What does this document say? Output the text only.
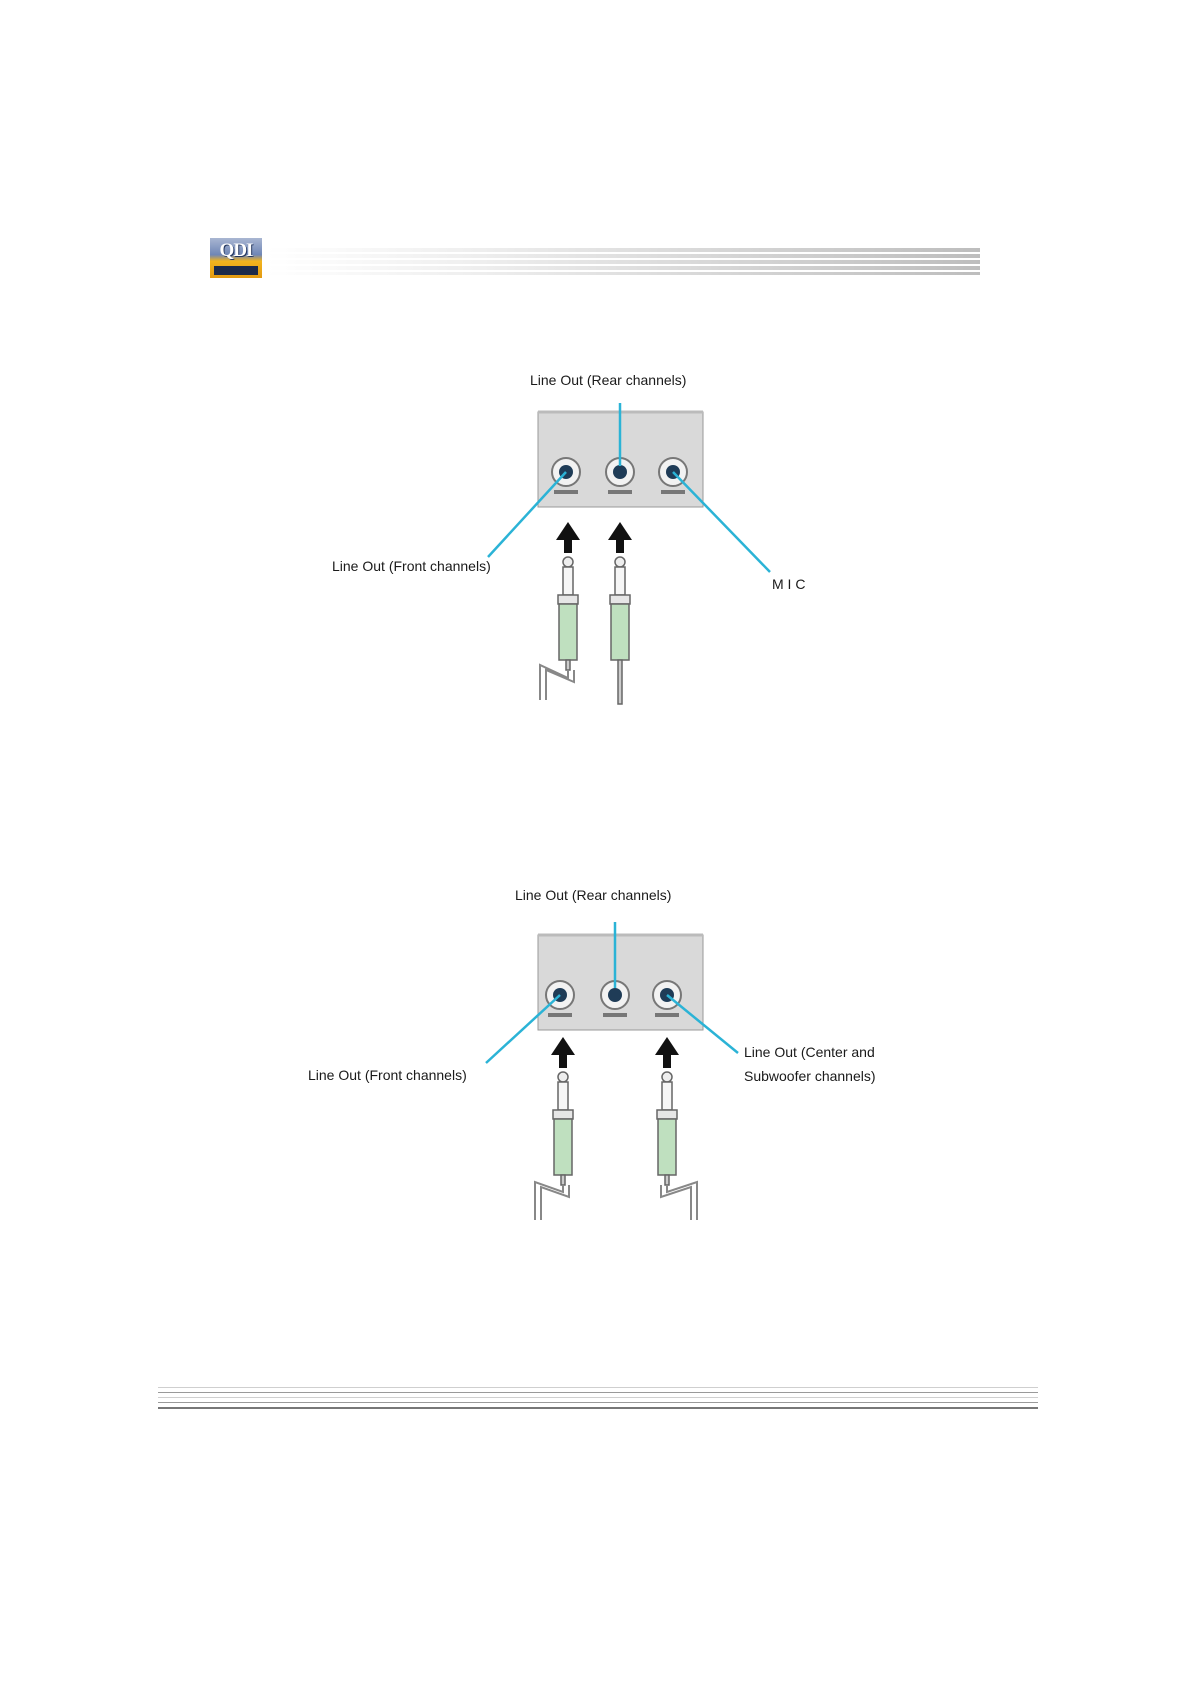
QDI
Line Out (Rear channels)
Line Out (Front channels)
M I C
Line Out (Rear channels)
Line Out (Front channels)
Line Out (Center and
Subwoofer channels)
